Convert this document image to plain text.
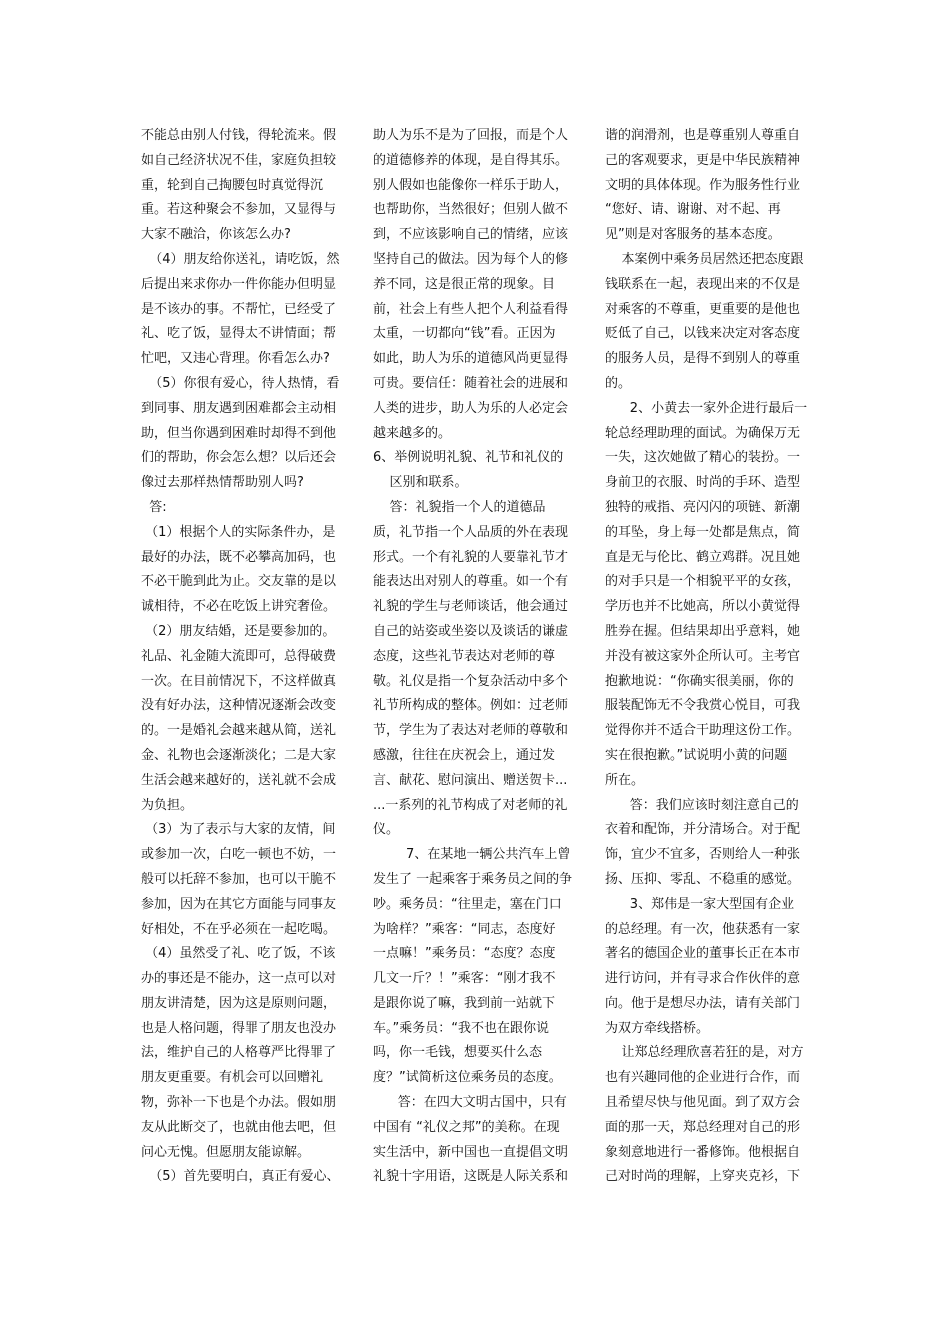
不能总由别人付钱，得轮流来。假

如自己经济状况不佳，家庭负担较

重，轮到自己掏腰包时真觉得沉

重。若这种聚会不参加，又显得与

大家不融洽，你该怎么办?

（4）朋友给你送礼，请吃饭，然

后提出来求你办一件你能办但明显

是不该办的事。不帮忙，已经受了

礼、吃了饭，显得太不讲情面；帮

忙吧，又违心背理。你看怎么办?

（5）你很有爱心，待人热情，看

到同事、朋友遇到困难都会主动相

助，但当你遇到困难时却得不到他

们的帮助，你会怎么想？以后还会

像过去那样热情帮助别人吗?

答:

（1）根据个人的实际条件办，是

最好的办法，既不必攀高加码，也

不必干脆到此为止。交友靠的是以

诚相待，不必在吃饭上讲究奢俭。

（2）朋友结婚，还是要参加的。

礼品、礼金随大流即可，总得破费

一次。在目前情况下，不这样做真

没有好办法，这种情况逐渐会改变

的。一是婚礼会越来越从简，送礼

金、礼物也会逐渐淡化；二是大家

生活会越来越好的，送礼就不会成

为负担。

（3）为了表示与大家的友情，间

或参加一次，白吃一顿也不妨，一

般可以托辞不参加，也可以干脆不

参加，因为在其它方面能与同事友

好相处，不在乎必须在一起吃喝。

（4）虽然受了礼、吃了饭，不该

办的事还是不能办，这一点可以对

朋友讲清楚，因为这是原则问题，

也是人格问题，得罪了朋友也没办

法，维护自己的人格尊严比得罪了

朋友更重要。有机会可以回赠礼

物，弥补一下也是个办法。假如朋

友从此断交了，也就由他去吧，但

问心无愧。但愿朋友能谅解。

（5）首先要明白，真正有爱心、

助人为乐不是为了回报，而是个人

的道德修养的体现，是自得其乐。

别人假如也能像你一样乐于助人，

也帮助你，当然很好；但别人做不

到，不应该影响自己的情绪，应该

坚持自己的做法。因为每个人的修

养不同，这是很正常的现象。目

前，社会上有些人把个人利益看得

太重，一切都向“钱”看。正因为

如此，助人为乐的道德风尚更显得

可贵。要信任：随着社会的进展和

人类的进步，助人为乐的人必定会

越来越多的。

6、举例说明礼貌、礼节和礼仪的

区别和联系。

答：礼貌指一个人的道德品

质，礼节指一个人品质的外在表现

形式。一个有礼貌的人要靠礼节才

能表达出对别人的尊重。如一个有

礼貌的学生与老师谈话，他会通过

自己的站姿或坐姿以及谈话的谦虚

态度，这些礼节表达对老师的尊

敬。礼仪是指一个复杂活动中多个

礼节所构成的整体。例如：过老师

节，学生为了表达对老师的尊敬和

感激，往往在庆祝会上，通过发

言、献花、慰问演出、赠送贺卡...

...一系列的礼节构成了对老师的礼

仪。

7、在某地一辆公共汽车上曾

发生了 一起乘客于乘务员之间的争

吵。乘务员：“往里走，塞在门口

为啥样？”乘客：“同志，态度好

一点嘛！”乘务员：“态度？态度

几文一斤？！”乘客：“刚才我不

是跟你说了嘛，我到前一站就下

车。”乘务员：“我不也在跟你说

吗，你一毛钱，想要买什么态

度？”试简析这位乘务员的态度。

答：在四大文明古国中，只有

中国有 “礼仪之邦”的美称。在现

实生活中，新中国也一直提倡文明

礼貌十字用语，这既是人际关系和

谐的润滑剂，也是尊重别人尊重自

己的客观要求，更是中华民族精神

文明的具体体现。作为服务性行业

“您好、请、谢谢、对不起、再

见”则是对客服务的基本态度。

本案例中乘务员居然还把态度跟

钱联系在一起，表现出来的不仅是

对乘客的不尊重，更重要的是他也

贬低了自己，以钱来决定对客态度

的服务人员，是得不到别人的尊重

的。

2、小黄去一家外企进行最后一

轮总经理助理的面试。为确保万无

一失，这次她做了精心的装扮。一

身前卫的衣服、时尚的手环、造型

独特的戒指、亮闪闪的项链、新潮

的耳坠，身上每一处都是焦点，简

直是无与伦比、鹤立鸡群。况且她

的对手只是一个相貌平平的女孩，

学历也并不比她高，所以小黄觉得

胜券在握。但结果却出乎意料，她

并没有被这家外企所认可。主考官

抱歉地说：“你确实很美丽，你的

服装配饰无不令我赏心悦目，可我

觉得你并不适合干助理这份工作。

实在很抱歉。”试说明小黄的问题

所在。

答：我们应该时刻注意自己的

衣着和配饰，并分清场合。对于配

饰，宜少不宜多，否则给人一种张

扬、压抑、零乱、不稳重的感觉。

3、郑伟是一家大型国有企业

的总经理。有一次，他获悉有一家

著名的德国企业的董事长正在本市

进行访问，并有寻求合作伙伴的意

向。他于是想尽办法，请有关部门

为双方牵线搭桥。

让郑总经理欣喜若狂的是，对方

也有兴趣同他的企业进行合作，而

且希望尽快与他见面。到了双方会

面的那一天，郑总经理对自己的形

象刻意地进行一番修饰。他根据自

己对时尚的理解，上穿夹克衫，下
